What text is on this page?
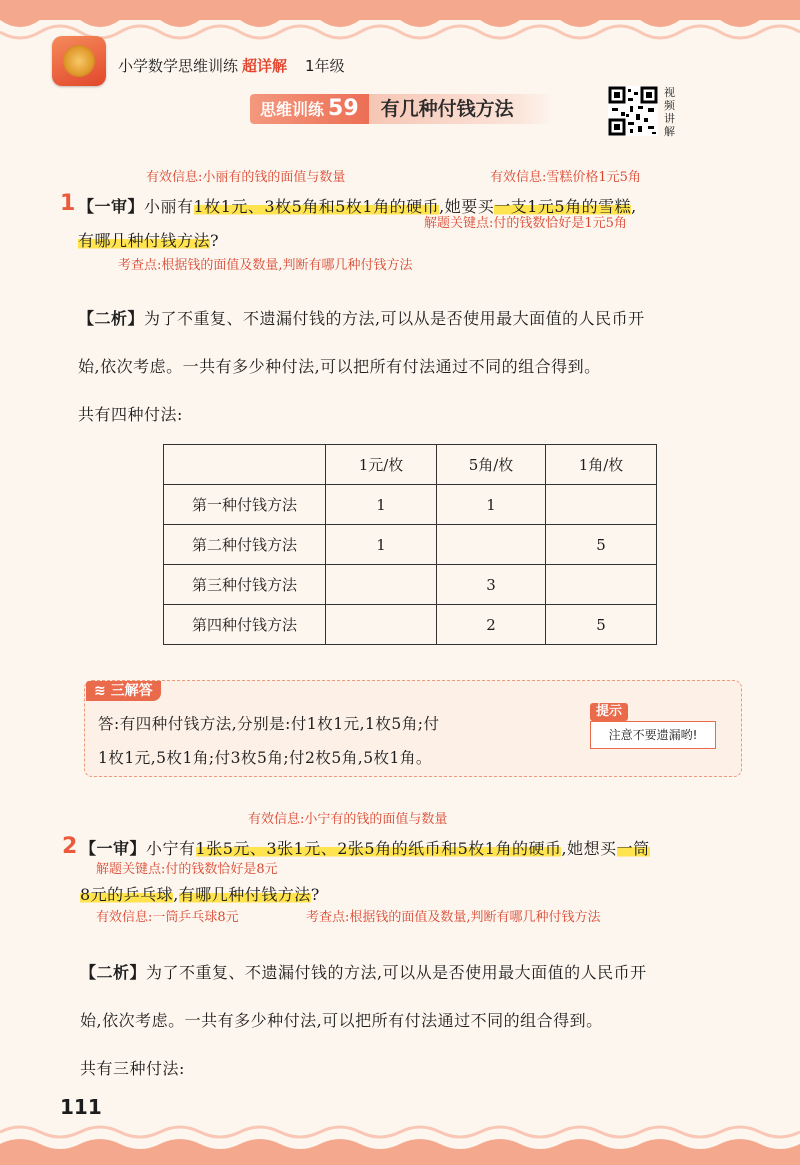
小学数学思维训练 超详解 1年级
思维训练 59	有几种付钱方法
视频讲解
有效信息:小丽有的钱的面值与数量	有效信息:雪糕价格1元5角
1 【一审】小丽有1枚1元、3枚5角和5枚1角的硬币,她要买一支1元5角的雪糕,
解题关键点:付的钱数恰好是1元5角
有哪几种付钱方法?
考查点:根据钱的面值及数量,判断有哪几种付钱方法
【二析】为了不重复、不遗漏付钱的方法,可以从是否使用最大面值的人民币开
始,依次考虑。一共有多少种付法,可以把所有付法通过不同的组合得到。
共有四种付法:
	1元/枚	5角/枚	1角/枚
第一种付钱方法	1	1	
第二种付钱方法	1		5
第三种付钱方法		3	
第四种付钱方法		2	5
≋ 三解答
答:有四种付钱方法,分别是:付1枚1元,1枚5角;付
1枚1元,5枚1角;付3枚5角;付2枚5角,5枚1角。
提示
注意不要遗漏哟!
有效信息:小宁有的钱的面值与数量
2 【一审】小宁有1张5元、3张1元、2张5角的纸币和5枚1角的硬币,她想买一筒
解题关键点:付的钱数恰好是8元
8元的乒乓球,有哪几种付钱方法?
有效信息:一筒乒乓球8元	考查点:根据钱的面值及数量,判断有哪几种付钱方法
【二析】为了不重复、不遗漏付钱的方法,可以从是否使用最大面值的人民币开
始,依次考虑。一共有多少种付法,可以把所有付法通过不同的组合得到。
共有三种付法:
111
